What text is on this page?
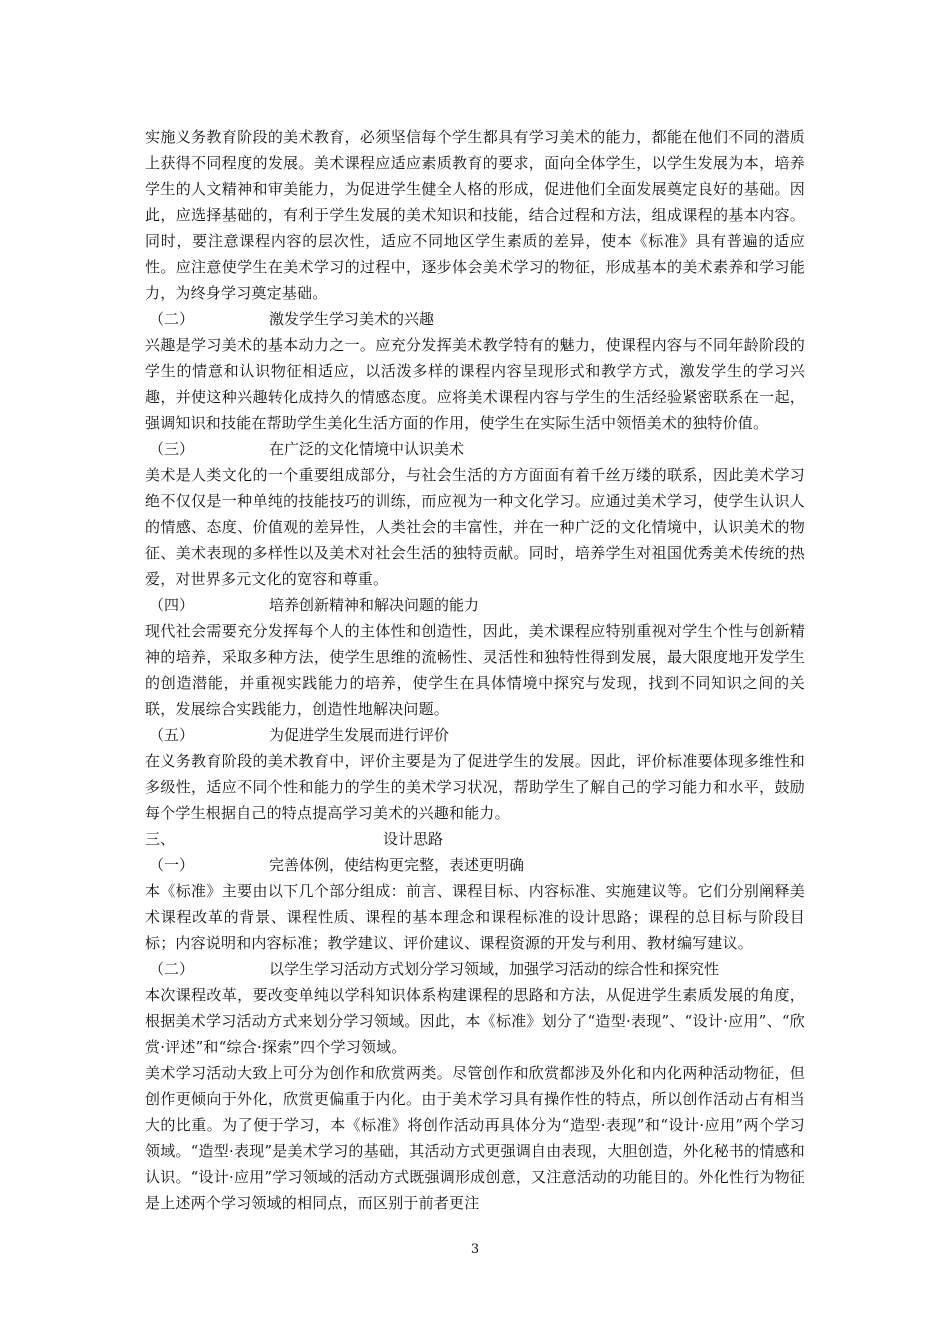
实施义务教育阶段的美术教育，必须坚信每个学生都具有学习美术的能力，都能在他们不同的潜质上获得不同程度的发展。美术课程应适应素质教育的要求，面向全体学生，以学生发展为本，培养学生的人文精神和审美能力，为促进学生健全人格的形成，促进他们全面发展奠定良好的基础。因此，应选择基础的，有利于学生发展的美术知识和技能，结合过程和方法，组成课程的基本内容。同时，要注意课程内容的层次性，适应不同地区学生素质的差异，使本《标准》具有普遍的适应性。应注意使学生在美术学习的过程中，逐步体会美术学习的物征，形成基本的美术素养和学习能力，为终身学习奠定基础。

（二）	激发学生学习美术的兴趣

兴趣是学习美术的基本动力之一。应充分发挥美术教学特有的魅力，使课程内容与不同年龄阶段的学生的情意和认识物征相适应，以活泼多样的课程内容呈现形式和教学方式，激发学生的学习兴趣，并使这种兴趣转化成持久的情感态度。应将美术课程内容与学生的生活经验紧密联系在一起，强调知识和技能在帮助学生美化生活方面的作用，使学生在实际生活中领悟美术的独特价值。

（三）	在广泛的文化情境中认识美术

美术是人类文化的一个重要组成部分，与社会生活的方方面面有着千丝万缕的联系，因此美术学习绝不仅仅是一种单纯的技能技巧的训练，而应视为一种文化学习。应通过美术学习，使学生认识人的情感、态度、价值观的差异性，人类社会的丰富性，并在一种广泛的文化情境中，认识美术的物征、美术表现的多样性以及美术对社会生活的独特贡献。同时，培养学生对祖国优秀美术传统的热爱，对世界多元文化的宽容和尊重。

（四）	培养创新精神和解决问题的能力

现代社会需要充分发挥每个人的主体性和创造性，因此，美术课程应特别重视对学生个性与创新精神的培养，采取多种方法，使学生思维的流畅性、灵活性和独特性得到发展，最大限度地开发学生的创造潜能，并重视实践能力的培养，使学生在具体情境中探究与发现，找到不同知识之间的关联，发展综合实践能力，创造性地解决问题。

（五）	为促进学生发展而进行评价

在义务教育阶段的美术教育中，评价主要是为了促进学生的发展。因此，评价标准要体现多维性和多级性，适应不同个性和能力的学生的美术学习状况，帮助学生了解自己的学习能力和水平，鼓励每个学生根据自己的特点提高学习美术的兴趣和能力。

三、	设计思路
（一）	完善体例，使结构更完整，表述更明确

本《标准》主要由以下几个部分组成：前言、课程目标、内容标准、实施建议等。它们分别阐释美术课程改革的背景、课程性质、课程的基本理念和课程标准的设计思路；课程的总目标与阶段目标；内容说明和内容标准；教学建议、评价建议、课程资源的开发与利用、教材编写建议。

（二）	以学生学习活动方式划分学习领域，加强学习活动的综合性和探究性

本次课程改革，要改变单纯以学科知识体系构建课程的思路和方法，从促进学生素质发展的角度，根据美术学习活动方式来划分学习领域。因此，本《标准》划分了“造型·表现”、“设计·应用”、“欣赏·评述”和“综合·探索”四个学习领域。

美术学习活动大致上可分为创作和欣赏两类。尽管创作和欣赏都涉及外化和内化两种活动物征，但创作更倾向于外化，欣赏更偏重于内化。由于美术学习具有操作性的特点，所以创作活动占有相当大的比重。为了便于学习，本《标准》将创作活动再具体分为“造型·表现”和“设计·应用”两个学习领域。“造型·表现”是美术学习的基础，其活动方式更强调自由表现，大胆创造，外化秘书的情感和认识。“设计·应用”学习领域的活动方式既强调形成创意，又注意活动的功能目的。外化性行为物征是上述两个学习领域的相同点，而区别于前者更注

3
